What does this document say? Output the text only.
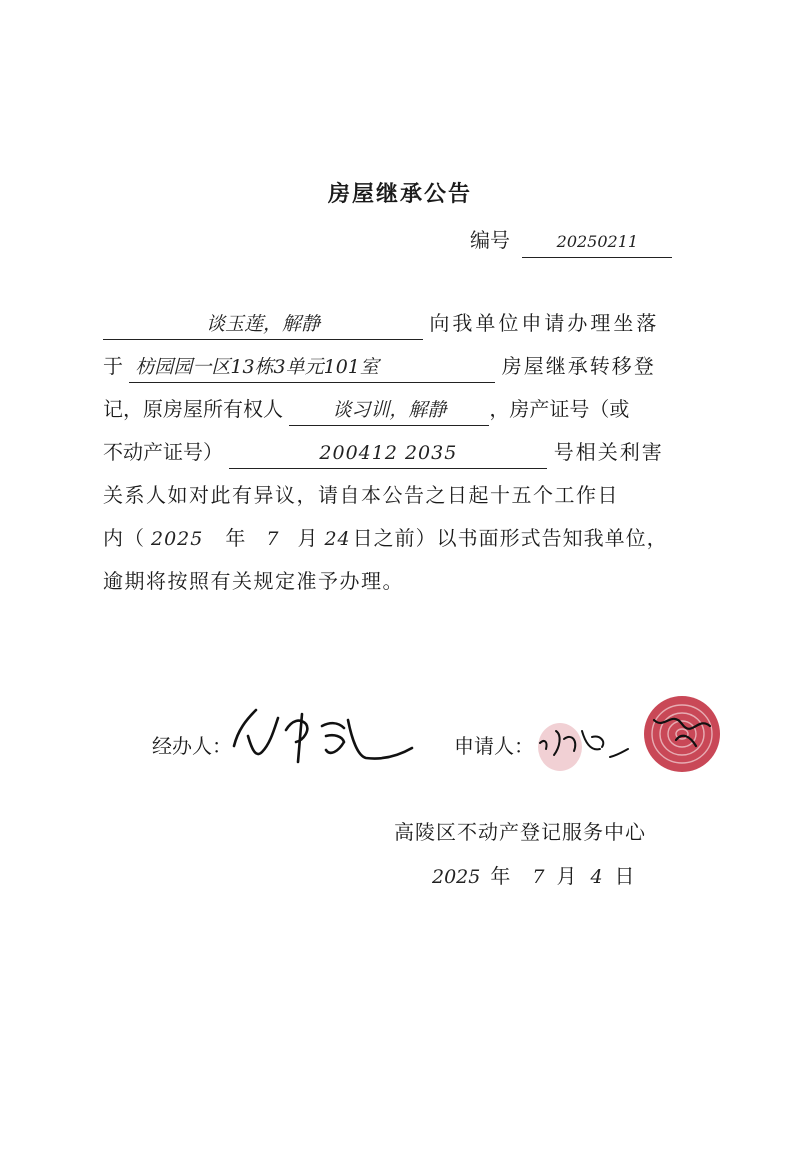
房屋继承公告
编号	20250211
谈玉莲，解静	向我单位申请办理坐落
于 枋园园一区13栋3单元101室	房屋继承转移登
记，原房屋所有权人	谈习训，解静 ，房产证号（或
不动产证号）	200412 2035	号相关利害
关系人如对此有异议，请自本公告之日起十五个工作日
内（ 2025 年 7 月 24 日之前）以书面形式告知我单位，
逾期将按照有关规定准予办理。
经办人：	申请人：
高陵区不动产登记服务中心
2025 年 7 月 4 日
